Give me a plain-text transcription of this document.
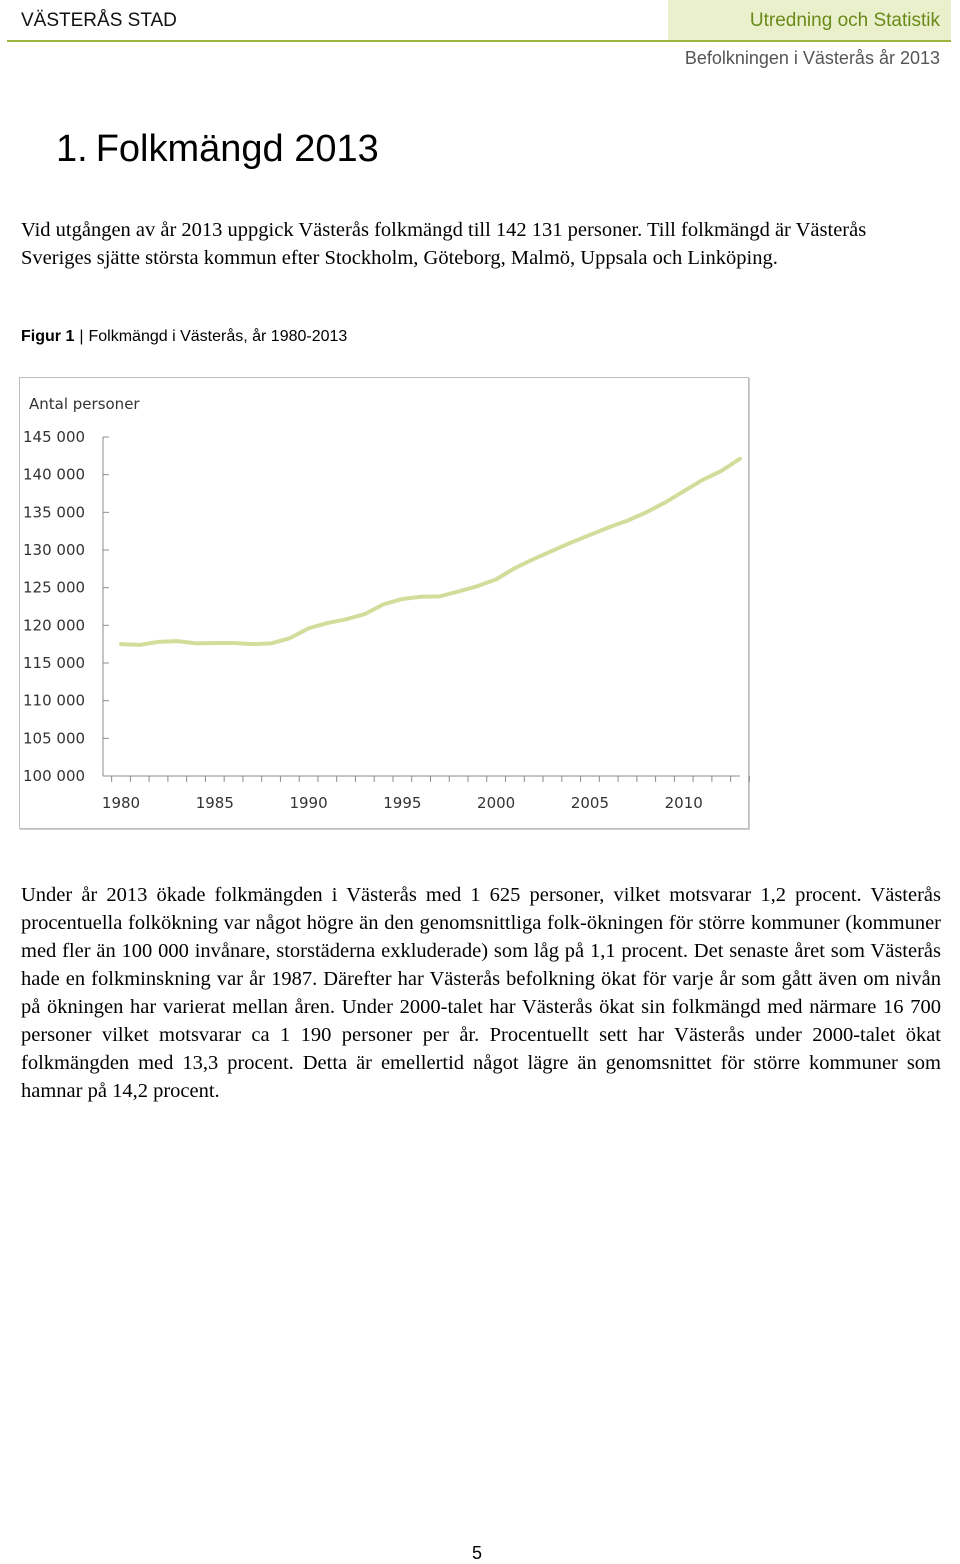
VÄSTERÅS STAD	Utredning och Statistik
Befolkningen i Västerås år 2013
1. Folkmängd 2013
Vid utgången av år 2013 uppgick Västerås folkmängd till 142 131 personer. Till folkmängd är Västerås Sveriges sjätte största kommun efter Stockholm, Göteborg, Malmö, Uppsala och Linköping.
Figur 1 | Folkmängd i Västerås, år 1980-2013
Antal personer
100 000
105 000
110 000
115 000
120 000
125 000
130 000
135 000
140 000
145 000
1980	1985	1990	1995	2000	2005	2010
Under år 2013 ökade folkmängden i Västerås med 1 625 personer, vilket motsvarar 1,2 procent. Västerås procentuella folkökning var något högre än den genomsnittliga folk-ökningen för större kommuner (kommuner med fler än 100 000 invånare, storstäderna exkluderade) som låg på 1,1 procent. Det senaste året som Västerås hade en folkminskning var år 1987. Därefter har Västerås befolkning ökat för varje år som gått även om nivån på ökningen har varierat mellan åren. Under 2000-talet har Västerås ökat sin folkmängd med närmare 16 700 personer vilket motsvarar ca 1 190 personer per år. Procentuellt sett har Västerås under 2000-talet ökat folkmängden med 13,3 procent. Detta är emellertid något lägre än genomsnittet för större kommuner som hamnar på 14,2 procent.
5
